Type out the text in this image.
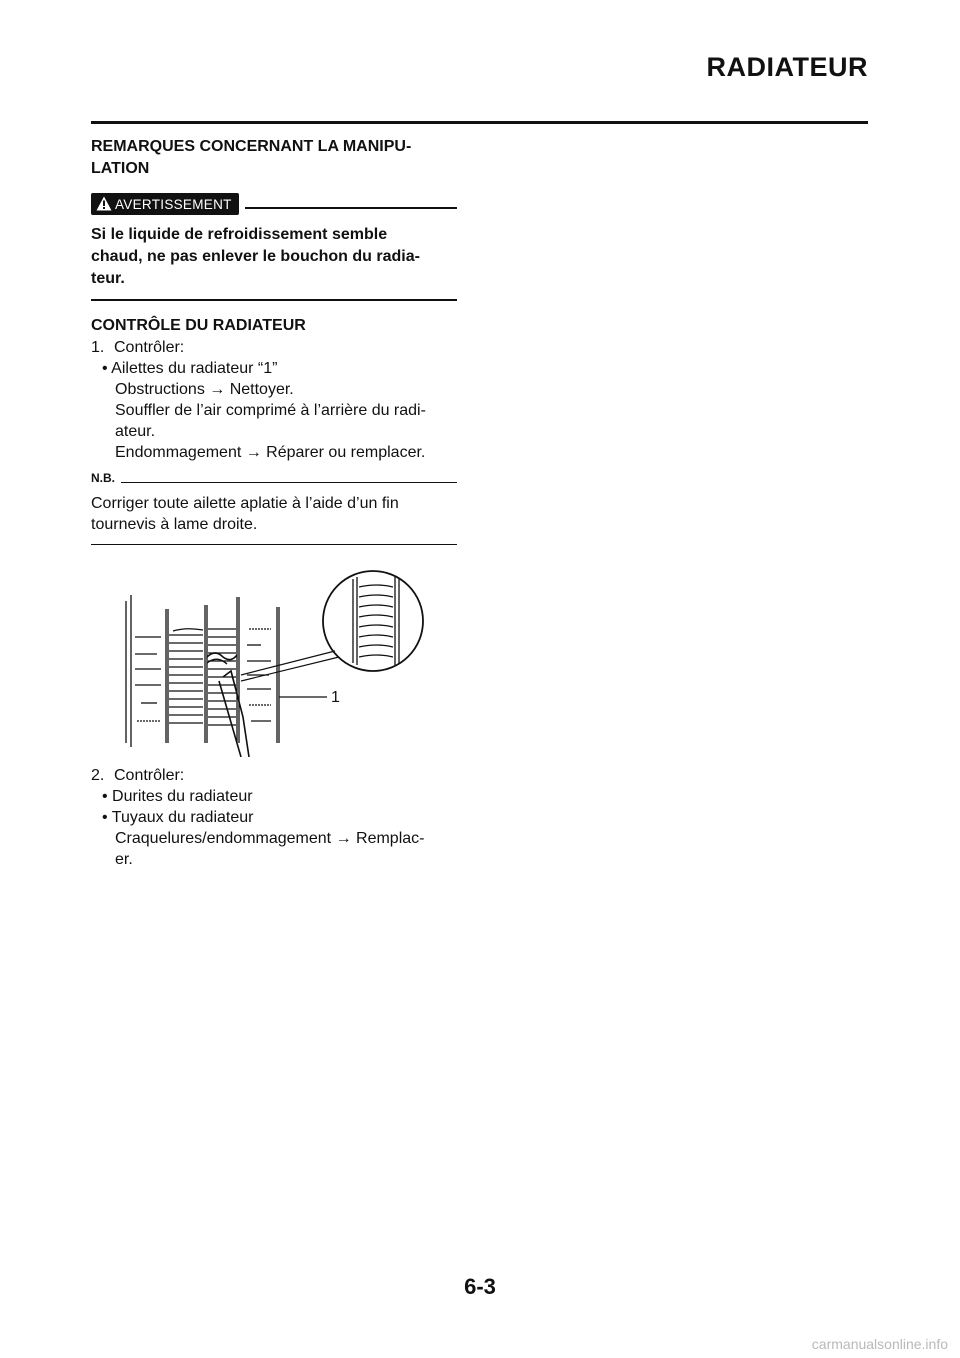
RADIATEUR

REMARQUES CONCERNANT LA MANIPU-
LATION

AVERTISSEMENT

Si le liquide de refroidissement semble
chaud, ne pas enlever le bouchon du radia-
teur.

CONTRÔLE DU RADIATEUR

1. Contrôler:

• Ailettes du radiateur “1”

Obstructions → Nettoyer.

Souffler de l’air comprimé à l’arrière du radi-

ateur.

Endommagement → Réparer ou remplacer.

N.B.

Corriger toute ailette aplatie à l’aide d’un fin
tournevis à lame droite.

1
2. Contrôler:

• Durites du radiateur

• Tuyaux du radiateur

Craquelures/endommagement → Remplac-

er.

6-3
carmanualsonline.info
